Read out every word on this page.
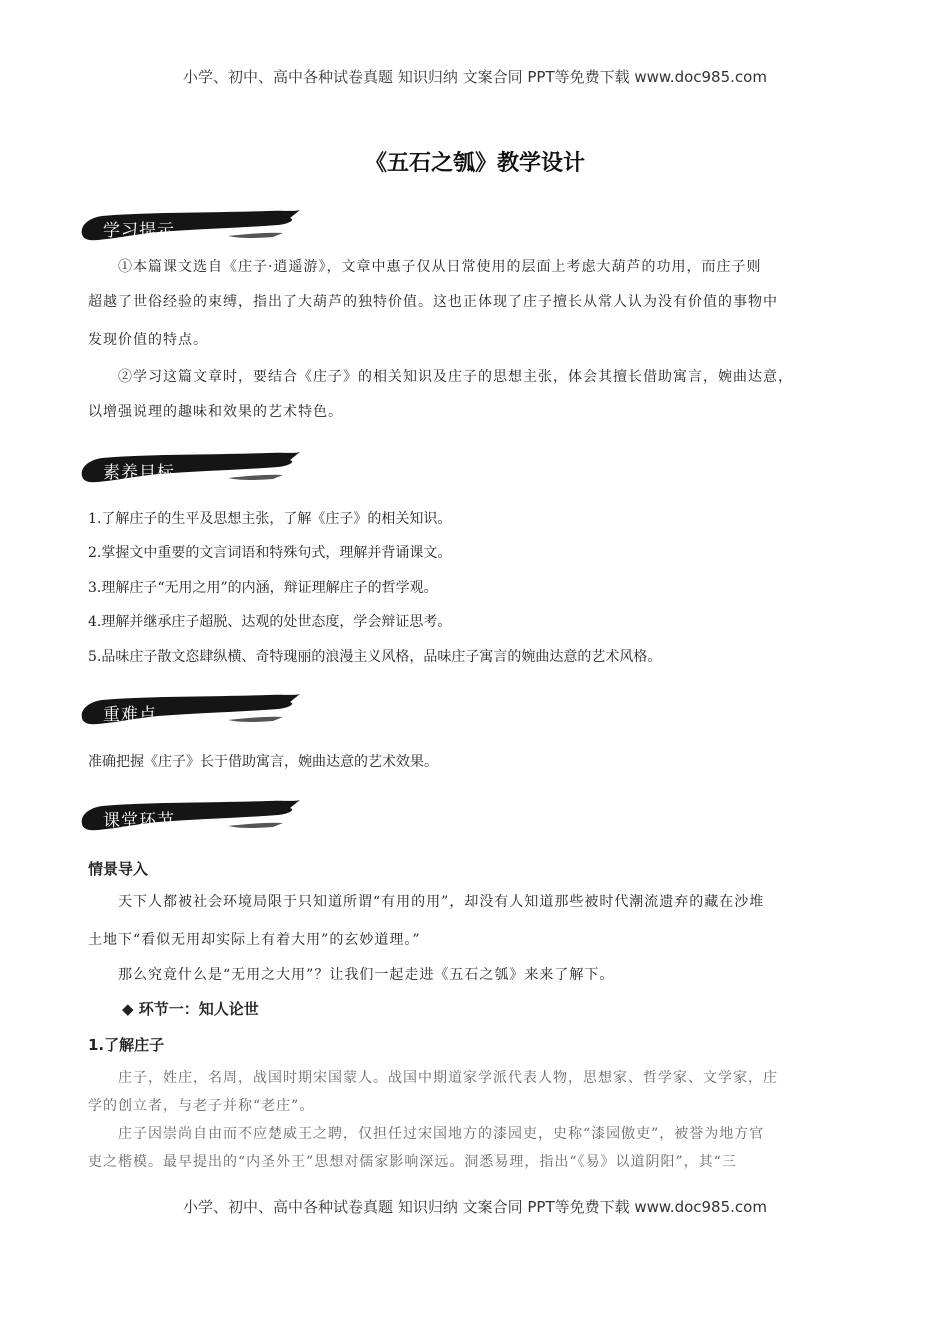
小学、初中、高中各种试卷真题 知识归纳 文案合同 PPT等免费下载 www.doc985.com
《五石之瓠》教学设计
学习提示
①本篇课文选自《庄子·逍遥游》，文章中惠子仅从日常使用的层面上考虑大葫芦的功用，而庄子则
超越了世俗经验的束缚，指出了大葫芦的独特价值。这也正体现了庄子擅长从常人认为没有价值的事物中
发现价值的特点。
②学习这篇文章时，要结合《庄子》的相关知识及庄子的思想主张，体会其擅长借助寓言，婉曲达意，
以增强说理的趣味和效果的艺术特色。
素养目标
1.了解庄子的生平及思想主张，了解《庄子》的相关知识。
2.掌握文中重要的文言词语和特殊句式，理解并背诵课文。
3.理解庄子“无用之用”的内涵，辩证理解庄子的哲学观。
4.理解并继承庄子超脱、达观的处世态度，学会辩证思考。
5.品味庄子散文恣肆纵横、奇特瑰丽的浪漫主义风格，品味庄子寓言的婉曲达意的艺术风格。
重难点
准确把握《庄子》长于借助寓言，婉曲达意的艺术效果。
课堂环节
情景导入
天下人都被社会环境局限于只知道所谓“有用的用”，却没有人知道那些被时代潮流遗弃的藏在沙堆
土地下“看似无用却实际上有着大用”的玄妙道理。”
那么究竟什么是“无用之大用”？让我们一起走进《五石之瓠》来来了解下。
◆ 环节一：知人论世
1.了解庄子
庄子，姓庄，名周，战国时期宋国蒙人。战国中期道家学派代表人物，思想家、哲学家、文学家，庄
学的创立者，与老子并称“老庄”。
庄子因崇尚自由而不应楚威王之聘，仅担任过宋国地方的漆园吏，史称“漆园傲吏”，被誉为地方官
吏之楷模。最早提出的“内圣外王”思想对儒家影响深远。洞悉易理，指出“《易》以道阴阳”，其“三
小学、初中、高中各种试卷真题 知识归纳 文案合同 PPT等免费下载 www.doc985.com
